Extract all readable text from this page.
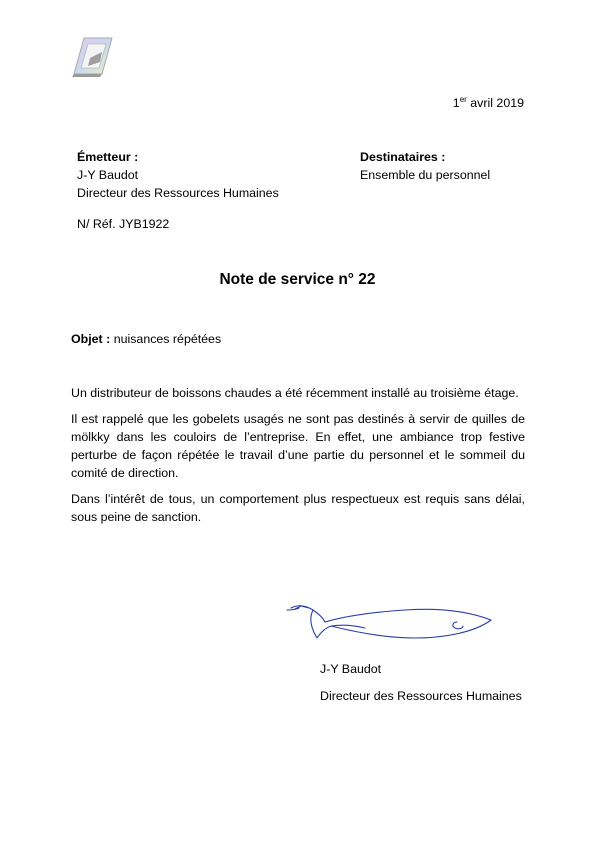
1er avril 2019
Émetteur :
J-Y Baudot
Directeur des Ressources Humaines
Destinataires :
Ensemble du personnel
N/ Réf. JYB1922
Note de service n° 22
Objet : nuisances répétées

Un distributeur de boissons chaudes a été récemment installé au troisième étage.

Il est rappelé que les gobelets usagés ne sont pas destinés à servir de quilles de mölkky dans les couloirs de l’entreprise. En effet, une ambiance trop festive perturbe de façon répétée le travail d’une partie du personnel et le sommeil du comité de direction.

Dans l’intérêt de tous, un comportement plus respectueux est requis sans délai, sous peine de sanction.

J-Y Baudot
Directeur des Ressources Humaines
